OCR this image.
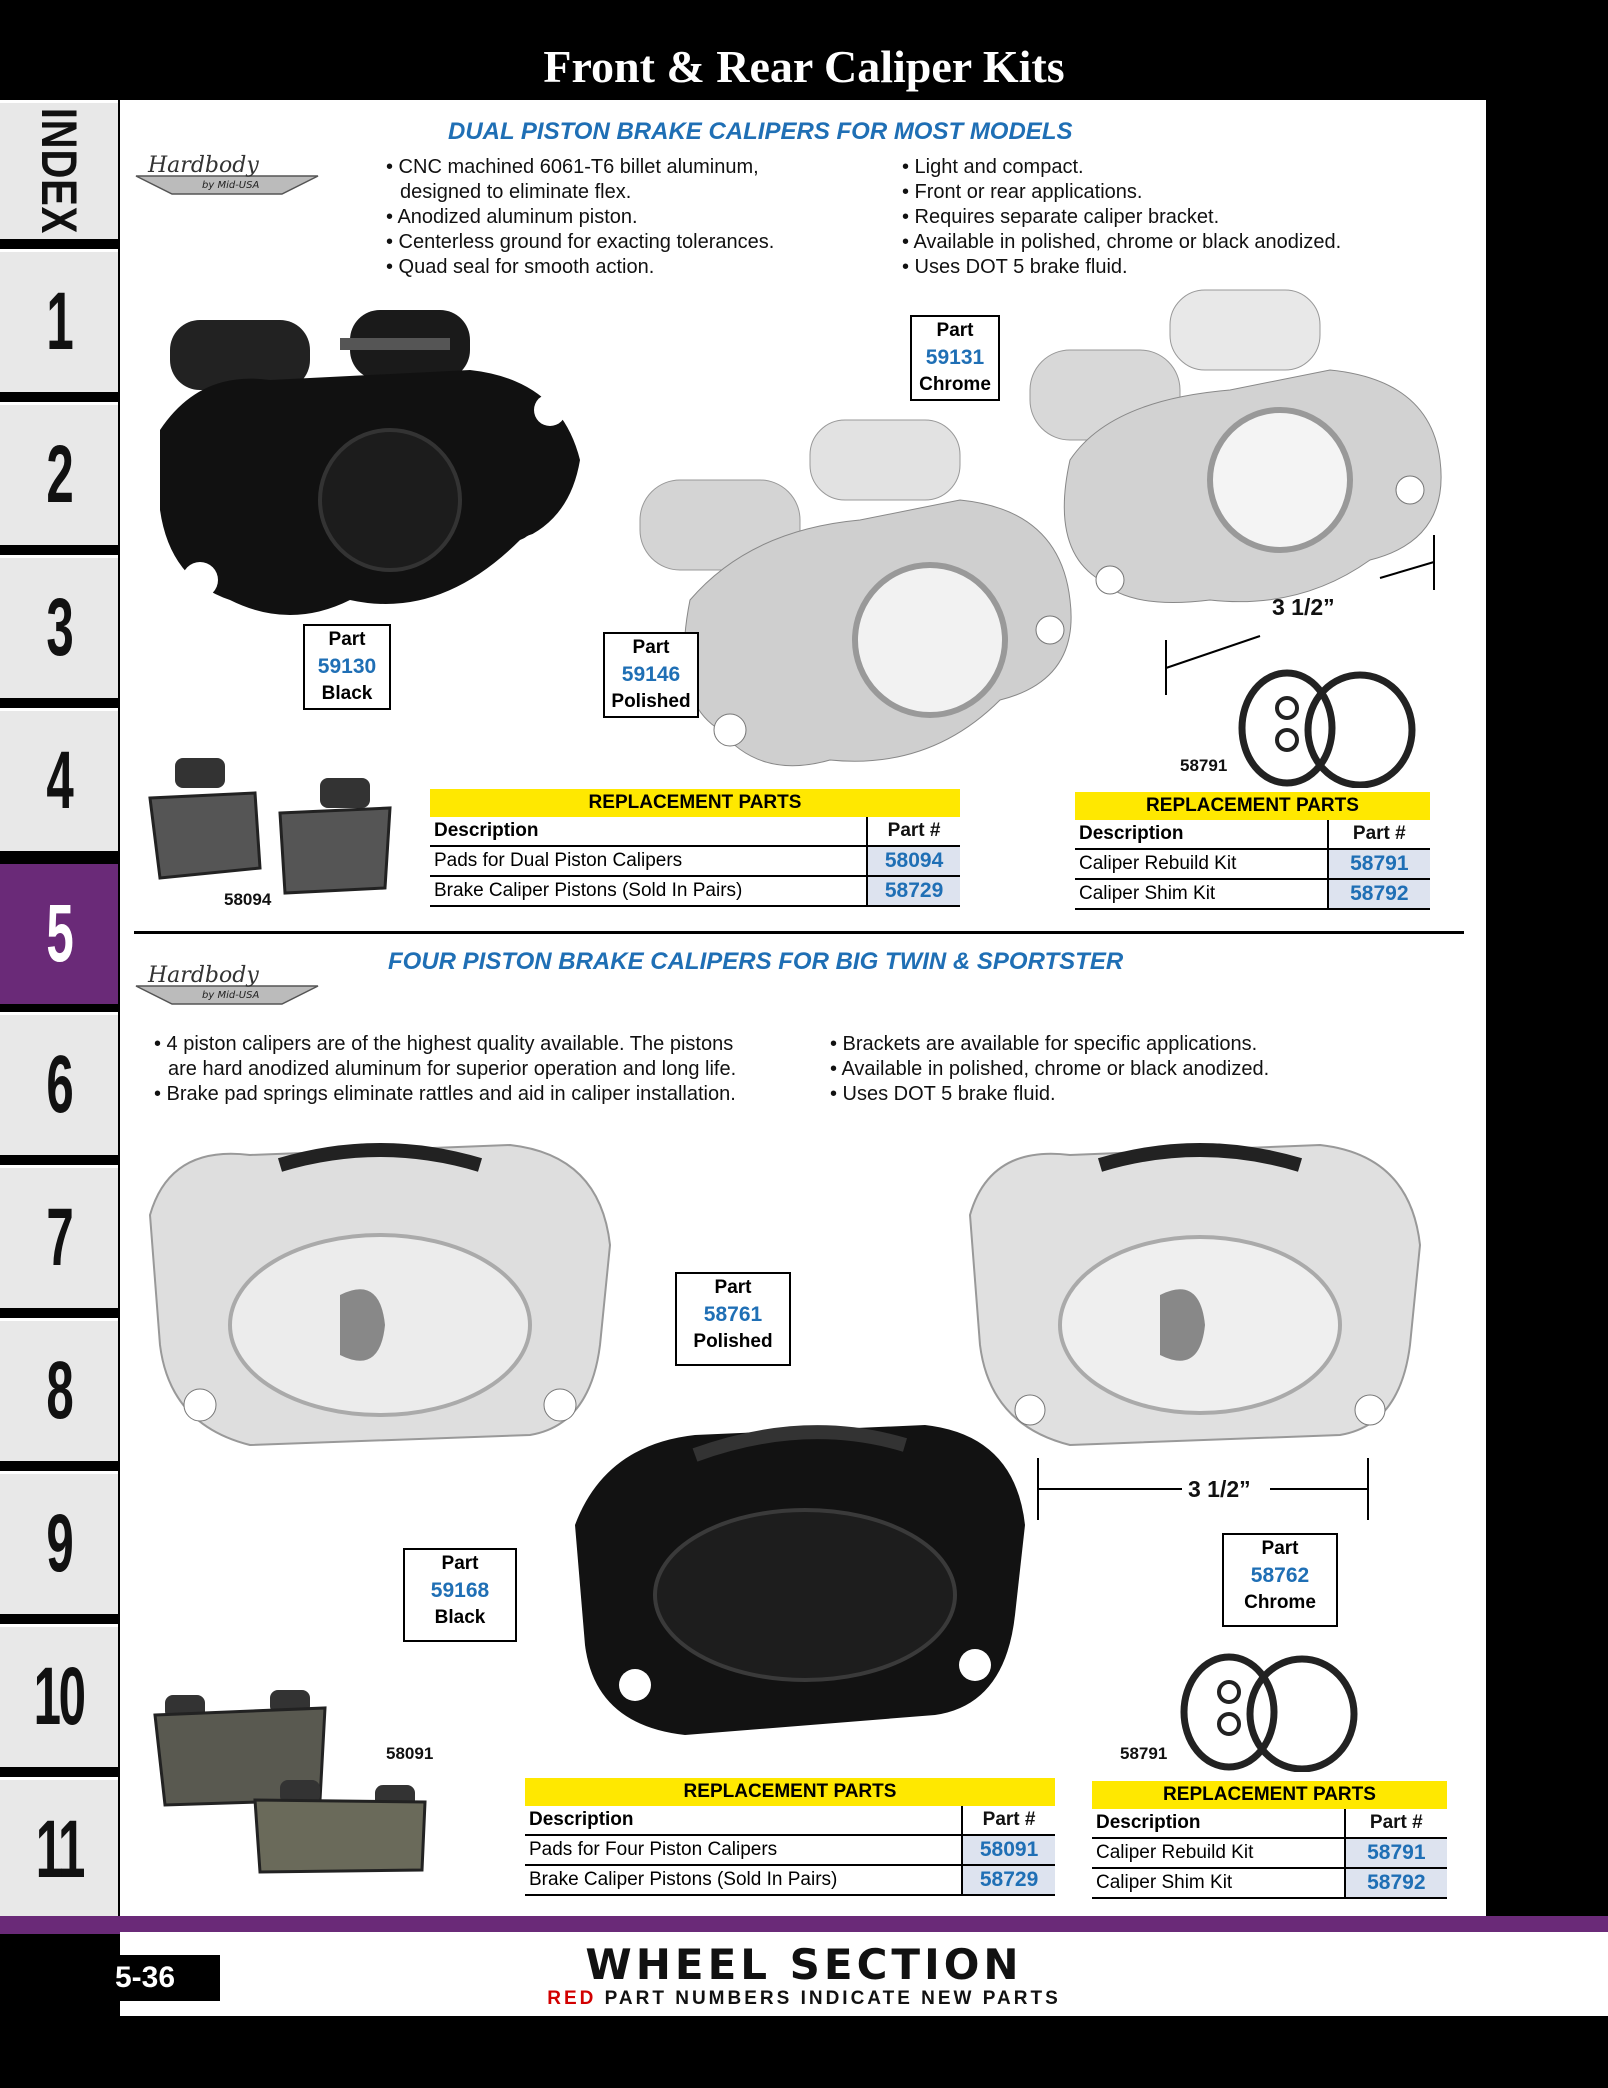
Front & Rear Caliper Kits
INDEX
1
2
3
4
5
6
7
8
9
10
11
Hardbody
by Mid-USA
DUAL PISTON BRAKE CALIPERS FOR MOST MODELS
• CNC machined 6061-T6 billet aluminum,
designed to eliminate flex.
• Anodized aluminum piston.
• Centerless ground for exacting tolerances.
• Quad seal for smooth action.
• Light and compact.
• Front or rear applications.
• Requires separate caliper bracket.
• Available in polished, chrome or black anodized.
• Uses DOT 5 brake fluid.
Part
59131
Chrome
Part
59130
Black
Part
59146
Polished
3 1/2”
58094
58791
REPLACEMENT PARTS	
Description	Part #
Pads for Dual Piston Calipers	58094
Brake Caliper Pistons (Sold In Pairs)	58729
REPLACEMENT PARTS	
Description	Part #
Caliper Rebuild Kit	58791
Caliper Shim Kit	58792
Hardbody
by Mid-USA
FOUR PISTON BRAKE CALIPERS FOR BIG TWIN & SPORTSTER
• 4 piston calipers are of the highest quality available. The pistons
are hard anodized aluminum for superior operation and long life.
• Brake pad springs eliminate rattles and aid in caliper installation.
• Brackets are available for specific applications.
• Available in polished, chrome or black anodized.
• Uses DOT 5 brake fluid.
Part
58761
Polished
Part
59168
Black
Part
58762
Chrome
3 1/2”
58091	58791
REPLACEMENT PARTS	
Description	Part #
Pads for Four Piston Calipers	58091
Brake Caliper Pistons (Sold In Pairs)	58729
REPLACEMENT PARTS	
Description	Part #
Caliper Rebuild Kit	58791
Caliper Shim Kit	58792
5-36	WHEEL SECTION
RED PART NUMBERS INDICATE NEW PARTS
